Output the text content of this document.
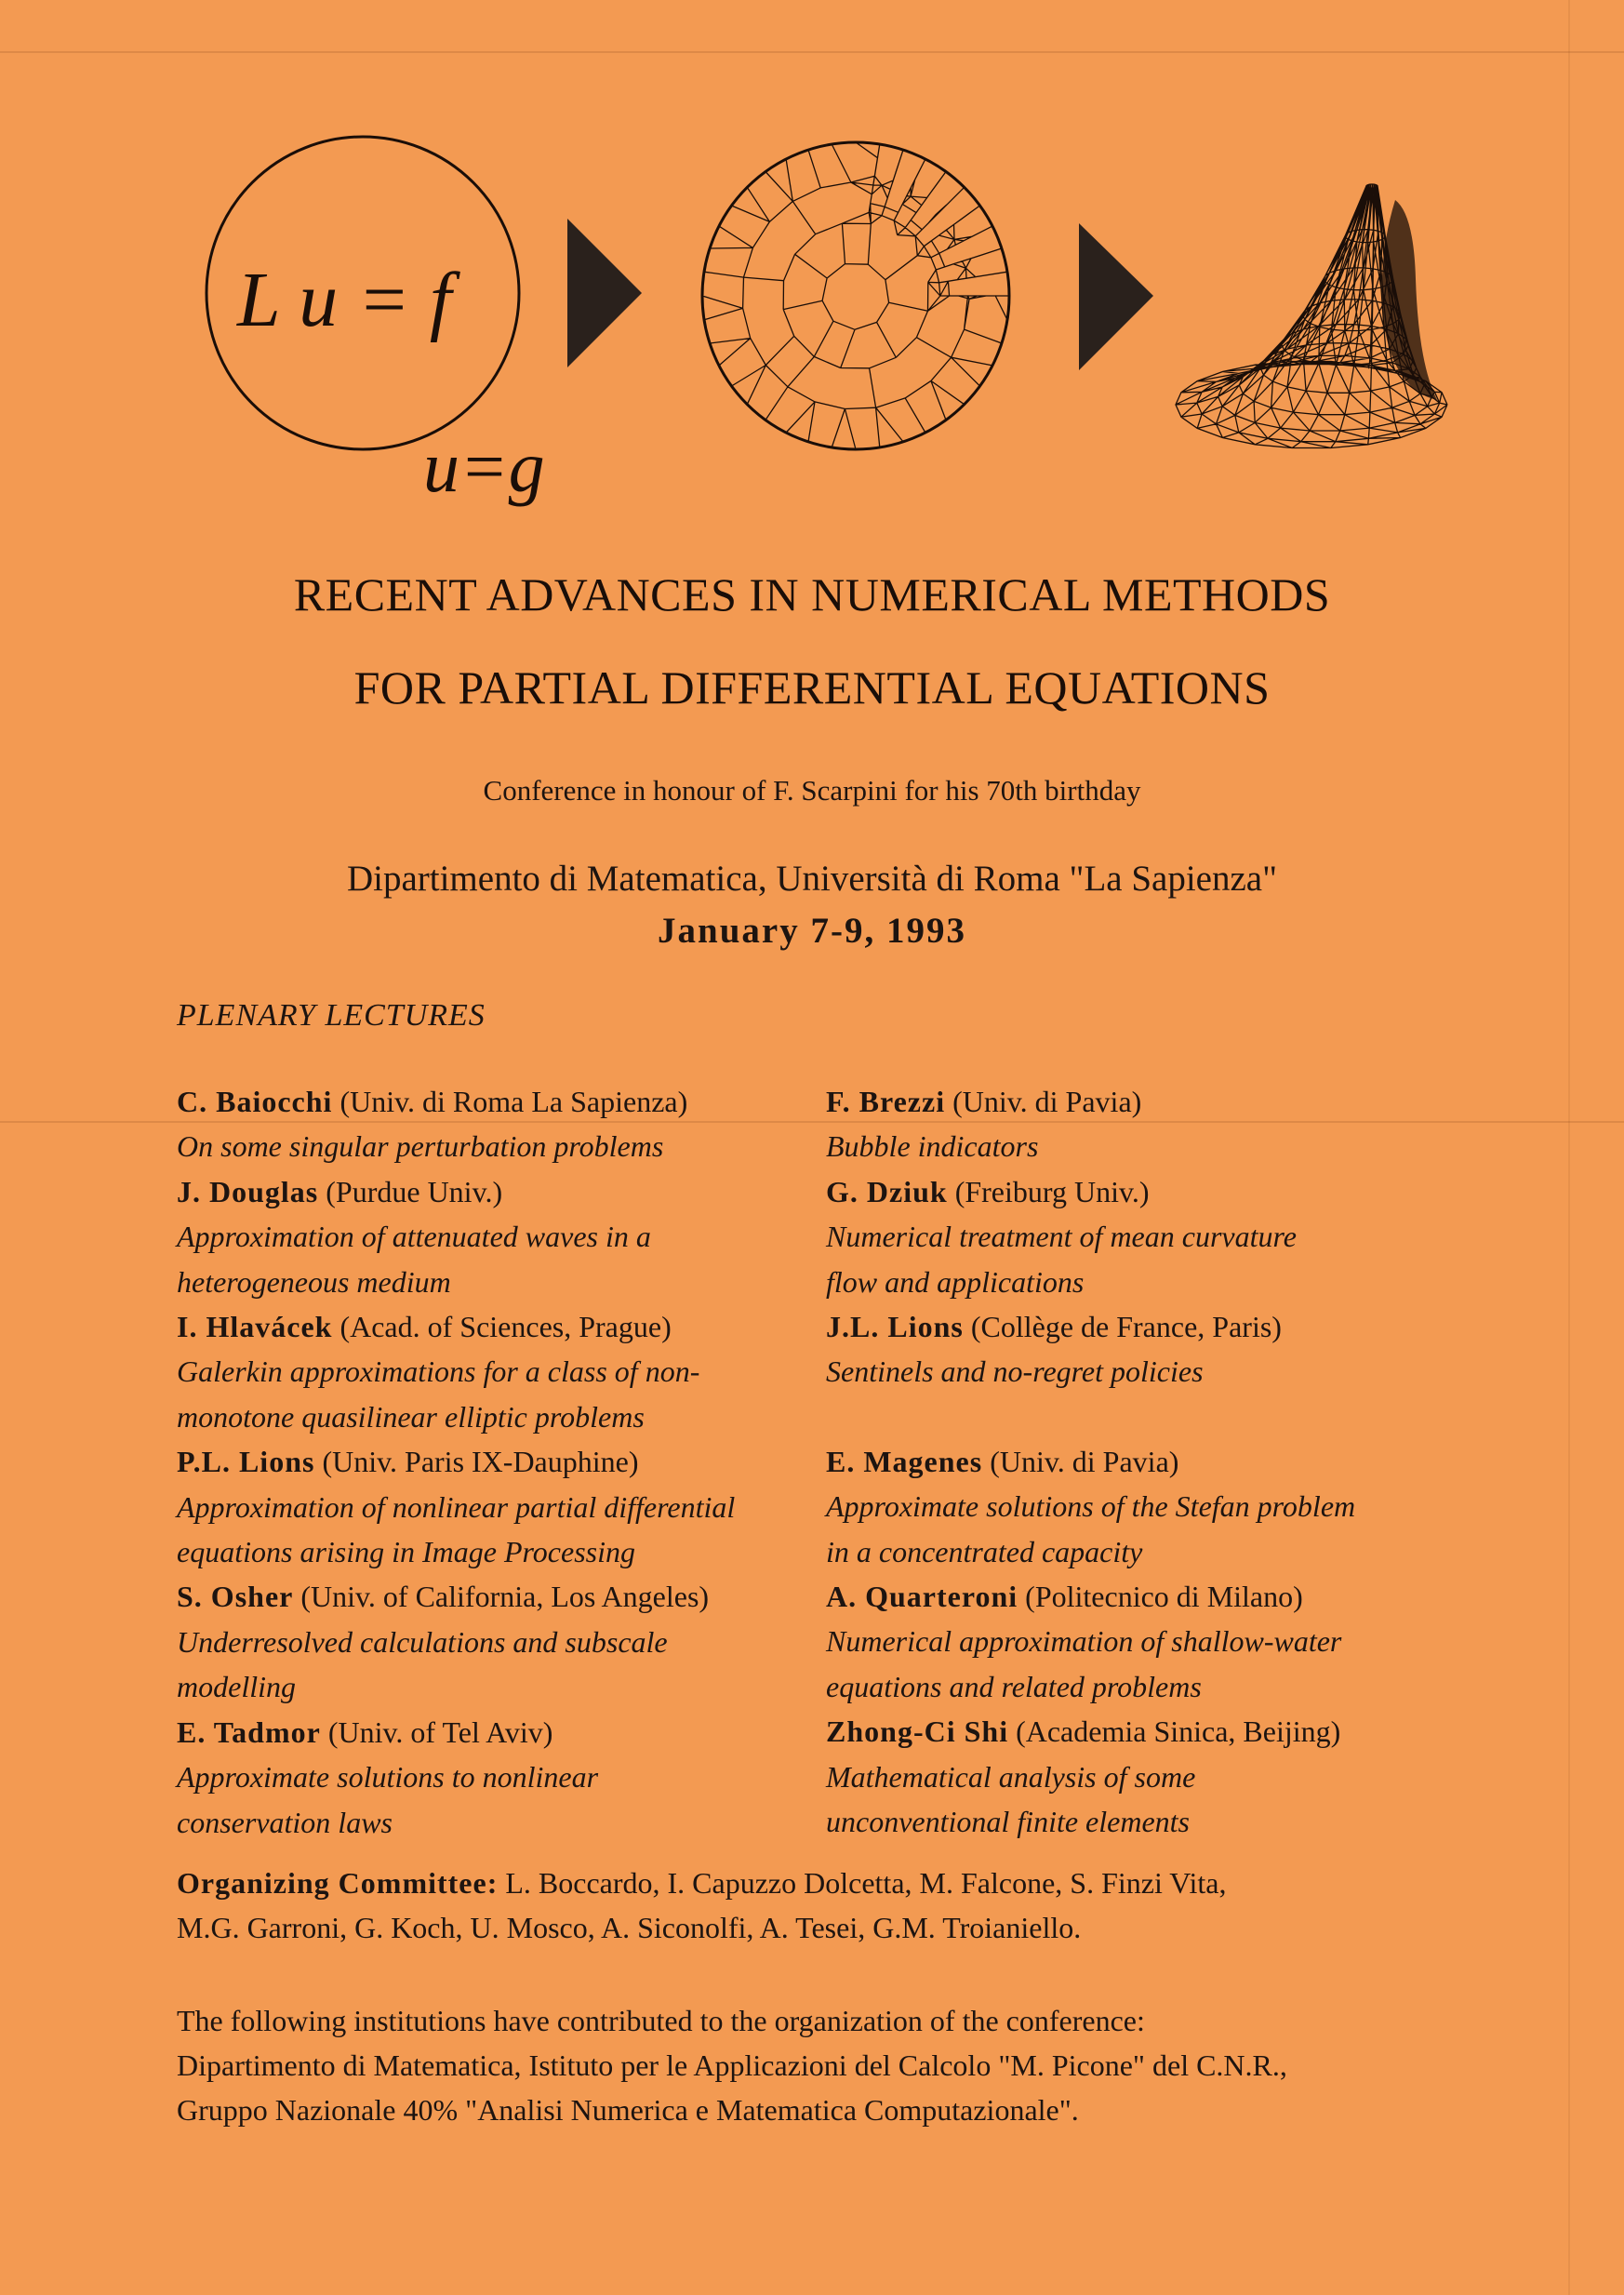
L u = f
u=g
RECENT ADVANCES IN NUMERICAL METHODS
FOR PARTIAL DIFFERENTIAL EQUATIONS
Conference in honour of F. Scarpini for his 70th birthday
Dipartimento di Matematica, Università di Roma "La Sapienza"
January 7-9, 1993
PLENARY LECTURES
C. Baiocchi (Univ. di Roma La Sapienza)
On some singular perturbation problems
J. Douglas (Purdue Univ.)
Approximation of attenuated waves in a
heterogeneous medium
I. Hlavácek (Acad. of Sciences, Prague)
Galerkin approximations for a class of non-
monotone quasilinear elliptic problems
P.L. Lions (Univ. Paris IX-Dauphine)
Approximation of nonlinear partial differential
equations arising in Image Processing
S. Osher (Univ. of California, Los Angeles)
Underresolved calculations and subscale
modelling
E. Tadmor (Univ. of Tel Aviv)
Approximate solutions to nonlinear
conservation laws
F. Brezzi (Univ. di Pavia)
Bubble indicators
G. Dziuk (Freiburg Univ.)
Numerical treatment of mean curvature
flow and applications
J.L. Lions (Collège de France, Paris)
Sentinels and no-regret policies
E. Magenes (Univ. di Pavia)
Approximate solutions of the Stefan problem
in a concentrated capacity
A. Quarteroni (Politecnico di Milano)
Numerical approximation of shallow-water
equations and related problems
Zhong-Ci Shi (Academia Sinica, Beijing)
Mathematical analysis of some
unconventional finite elements
Organizing Committee: L. Boccardo, I. Capuzzo Dolcetta, M. Falcone, S. Finzi Vita,
M.G. Garroni, G. Koch, U. Mosco, A. Siconolfi, A. Tesei, G.M. Troianiello.
The following institutions have contributed to the organization of the conference:
Dipartimento di Matematica, Istituto per le Applicazioni del Calcolo "M. Picone" del C.N.R.,
Gruppo Nazionale 40% "Analisi Numerica e Matematica Computazionale".
